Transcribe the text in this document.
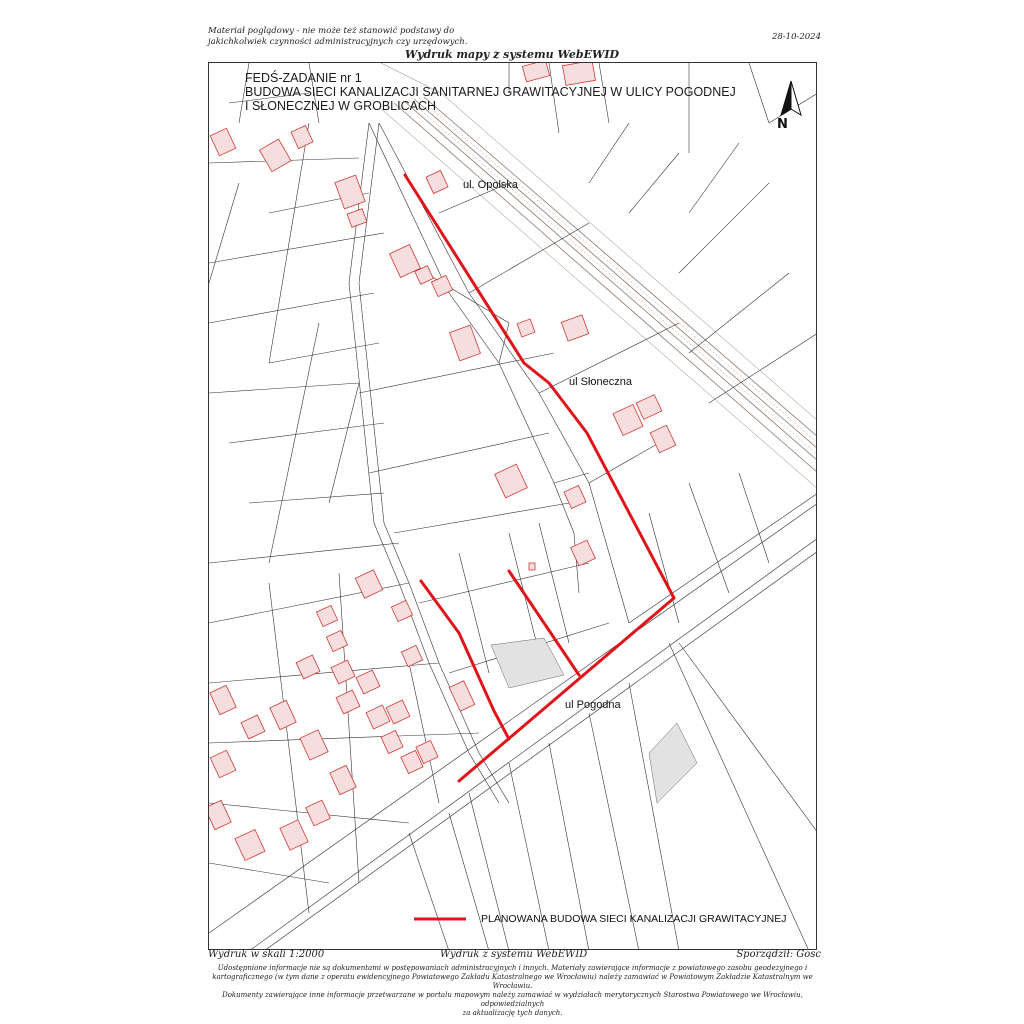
Materiał poglądowy - nie może też stanowić podstawy do
jakichkolwiek czynności administracyjnych czy urzędowych.	28-10-2024
Wydruk mapy z systemu WebEWID
FEDŚ-ZADANIE nr 1
BUDOWA SIECI KANALIZACJI SANITARNEJ GRAWITACYJNEJ W ULICY POGODNEJ
I SŁONECZNEJ W GROBLICACH
N
ul. Opolska
ul Słoneczna
ul Pogodna
PLANOWANA BUDOWA SIECI KANALIZACJI GRAWITACYJNEJ
Wydruk w skali 1:2000	Wydruk z systemu WebEWID	Sporządził: Gosc
Udostępnione informacje nie są dokumentami w postępowaniach administracyjnych i innych. Materiały zawierające informacje z powiatowego zasobu geodezyjnego i
kartograficznego (w tym dane z operatu ewidencyjnego Powiatowego Zakładu Katastralnego we Wrocławiu) należy zamawiać w Powiatowym Zakładzie Katastralnym we Wrocławiu.
Dokumenty zawierające inne informacje przetwarzane w portalu mapowym należy zamawiać w wydziałach merytorycznych Starostwa Powiatowego we Wrocławiu, odpowiedzialnych
za aktualizację tych danych.
